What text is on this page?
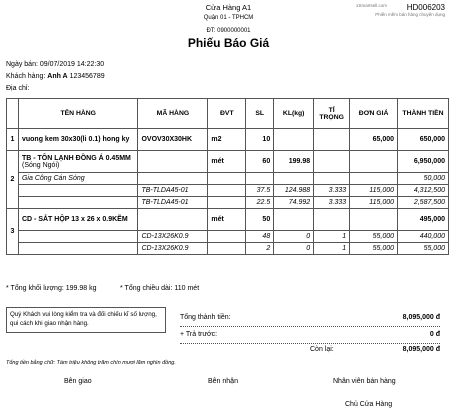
Cửa Hàng A1
Quận 01 - TPHCM
ĐT: 0900000001
Phiếu Báo Giá
HD006203
xSmartsell.com
Phiền mềm bán hàng chuyên dụng
Ngày bán: 09/07/2019 14:22:30
Khách hàng: Anh A 123456789
Địa chỉ:
	TÊN HÀNG	MÃ HÀNG	ĐVT	SL	KL(kg)	TỈ TRỌNG	ĐƠN GIÁ	THÀNH TIỀN
1	vuong kem 30x30(li 0.1) hong ky	OVOV30X30HK	m2	10			65,000	650,000
2	TB - TÔN LẠNH ĐỒNG Á 0.45MM (Sóng Ngói)		mét	60	199.98			6,950,000
	Gia Công Cán Sóng							50,000
		TB-TLDA45-01		37.5	124.988	3.333	115,000	4,312,500
		TB-TLDA45-01		22.5	74.992	3.333	115,000	2,587,500
3	CD - SẮT HỘP 13 x 26 x 0.9KẼM		mét	50				495,000
		CD-13X26K0.9		48	0	1	55,000	440,000
		CD-13X26K0.9		2	0	1	55,000	55,000
* Tổng khối lượng: 199.98 kg	* Tổng chiều dài: 110 mét
Quý Khách vui lòng kiểm tra và đối chiếu kĩ số lượng, qui cách khi giao nhận hàng.
Tổng thành tiền:	8,095,000 đ
+ Trả trước:	0 đ
Còn lại:	8,095,000 đ
Tổng tiền bằng chữ: Tám triệu không trăm chín mươi lăm nghìn đồng.
Bên giao	Bên nhận	Nhân viên bán hàng
Chủ Cửa Hàng
